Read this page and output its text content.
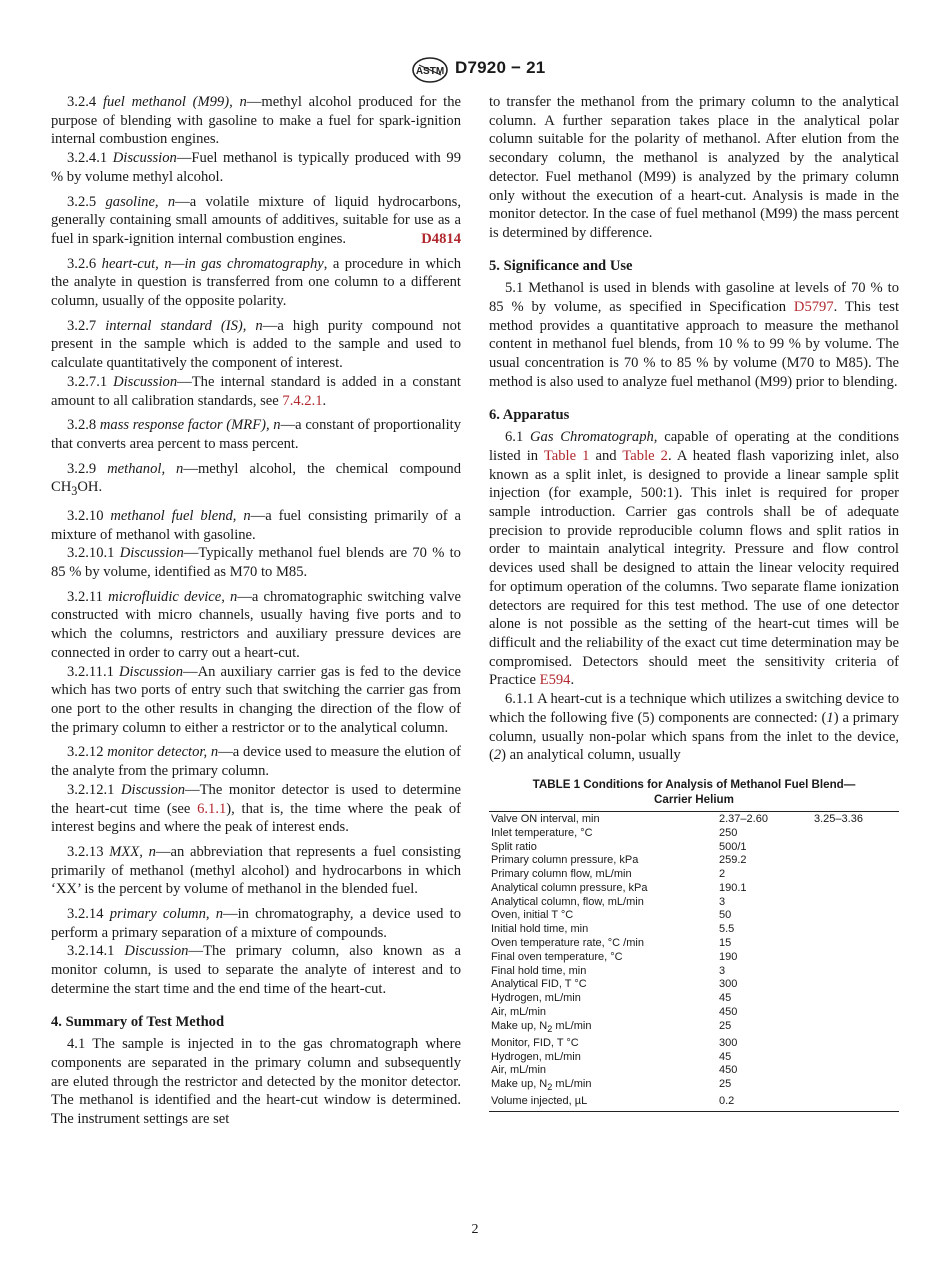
ASTM D7920 − 21

3.2.4 fuel methanol (M99), n—methyl alcohol produced for the purpose of blending with gasoline to make a fuel for spark-ignition internal combustion engines.

3.2.4.1 Discussion—Fuel methanol is typically produced with 99 % by volume methyl alcohol.

3.2.5 gasoline, n—a volatile mixture of liquid hydrocarbons, generally containing small amounts of additives, suitable for use as a fuel in spark-ignition internal combustion engines.	D4814

3.2.6 heart-cut, n—in gas chromatography, a procedure in which the analyte in question is transferred from one column to a different column, usually of the opposite polarity.

3.2.7 internal standard (IS), n—a high purity compound not present in the sample which is added to the sample and used to calculate quantitatively the component of interest.

3.2.7.1 Discussion—The internal standard is added in a constant amount to all calibration standards, see 7.4.2.1.

3.2.8 mass response factor (MRF), n—a constant of proportionality that converts area percent to mass percent.

3.2.9 methanol, n—methyl alcohol, the chemical compound $CH_3OH$.

3.2.10 methanol fuel blend, n—a fuel consisting primarily of a mixture of methanol with gasoline.

3.2.10.1 Discussion—Typically methanol fuel blends are 70 % to 85 % by volume, identified as M70 to M85.

3.2.11 microfluidic device, n—a chromatographic switching valve constructed with micro channels, usually having five ports and to which the columns, restrictors and auxiliary pressure devices are connected in order to carry out a heart-cut.

3.2.11.1 Discussion—An auxiliary carrier gas is fed to the device which has two ports of entry such that switching the carrier gas from one port to the other results in changing the direction of the flow of the primary column to either a restrictor or to the analytical column.

3.2.12 monitor detector, n—a device used to measure the elution of the analyte from the primary column.

3.2.12.1 Discussion—The monitor detector is used to determine the heart-cut time (see 6.1.1), that is, the time where the peak of interest begins and where the peak of interest ends.

3.2.13 MXX, n—an abbreviation that represents a fuel consisting primarily of methanol (methyl alcohol) and hydrocarbons in which ‘XX’ is the percent by volume of methanol in the blended fuel.

3.2.14 primary column, n—in chromatography, a device used to perform a primary separation of a mixture of compounds.

3.2.14.1 Discussion—The primary column, also known as a monitor column, is used to separate the analyte of interest and to determine the start time and the end time of the heart-cut.

4. Summary of Test Method

4.1 The sample is injected in to the gas chromatograph where components are separated in the primary column and subsequently are eluted through the restrictor and detected by the monitor detector. The methanol is identified and the heart-cut window is determined. The instrument settings are set

to transfer the methanol from the primary column to the analytical column. A further separation takes place in the analytical polar column suitable for the polarity of methanol. After elution from the secondary column, the methanol is analyzed by the analytical detector. Fuel methanol (M99) is analyzed by the primary column only without the execution of a heart-cut. Analysis is made in the monitor detector. In the case of fuel methanol (M99) the mass percent is determined by difference.

5. Significance and Use

5.1 Methanol is used in blends with gasoline at levels of 70 % to 85 % by volume, as specified in Specification D5797. This test method provides a quantitative approach to measure the methanol content in methanol fuel blends, from 10 % to 99 % by volume. The usual concentration is 70 % to 85 % by volume (M70 to M85). The method is also used to analyze fuel methanol (M99) prior to blending.

6. Apparatus

6.1 Gas Chromatograph, capable of operating at the conditions listed in Table 1 and Table 2. A heated flash vaporizing inlet, also known as a split inlet, is designed to provide a linear sample split injection (for example, 500:1). This inlet is required for proper sample introduction. Carrier gas controls shall be of adequate precision to provide reproducible column flows and split ratios in order to maintain analytical integrity. Pressure and flow control devices used shall be designed to attain the linear velocity required for optimum operation of the columns. Two separate flame ionization detectors are required for this test method. The use of one detector alone is not possible as the setting of the heart-cut times will be difficult and the reliability of the exact cut time determination may be compromised. Detectors should meet the sensitivity criteria of Practice E594.

6.1.1 A heart-cut is a technique which utilizes a switching device to which the following five (5) components are connected: (1) a primary column, usually non-polar which spans from the inlet to the device, (2) an analytical column, usually

TABLE 1 Conditions for Analysis of Methanol Fuel Blend—
Carrier Helium
Valve ON interval, min	2.37–2.60	3.25–3.36
Inlet temperature, °C	250	
Split ratio	500/1	
Primary column pressure, kPa	259.2	
Primary column flow, mL/min	2	
Analytical column pressure, kPa	190.1	
Analytical column, flow, mL/min	3	
Oven, initial T °C	50	
Initial hold time, min	5.5	
Oven temperature rate, °C /min	15	
Final oven temperature, °C	190	
Final hold time, min	3	
Analytical FID, T °C	300	
Hydrogen, mL/min	45	
Air, mL/min	450	
Make up, $N_2$ mL/min	25	
Monitor, FID, T °C	300	
Hydrogen, mL/min	45	
Air, mL/min	450	
Make up, $N_2$ mL/min	25	
Volume injected, µL	0.2	
2
